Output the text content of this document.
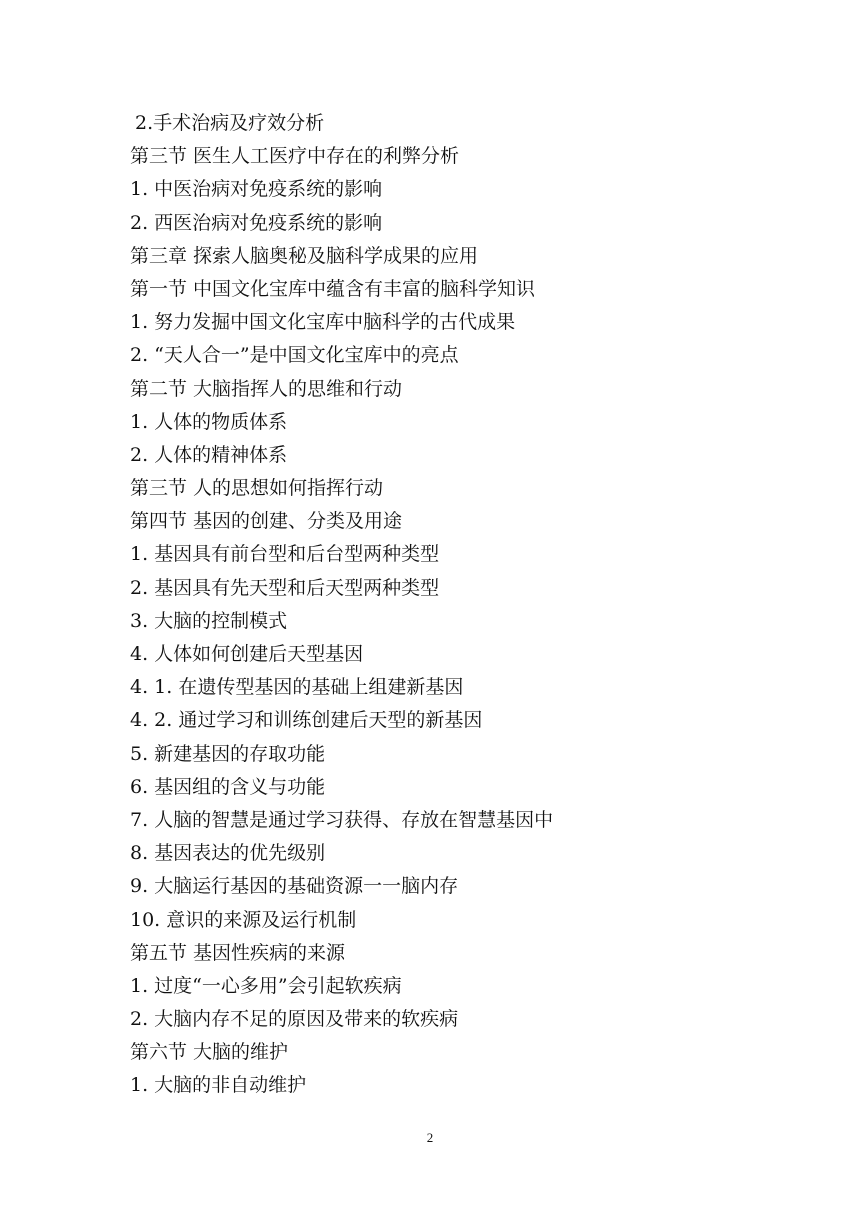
2.手术治病及疗效分析
第三节 医生人工医疗中存在的利弊分析
1. 中医治病对免疫系统的影响
2. 西医治病对免疫系统的影响
第三章 探索人脑奥秘及脑科学成果的应用
第一节 中国文化宝库中蕴含有丰富的脑科学知识
1. 努力发掘中国文化宝库中脑科学的古代成果
2. “天人合一”是中国文化宝库中的亮点
第二节 大脑指挥人的思维和行动
1. 人体的物质体系
2. 人体的精神体系
第三节 人的思想如何指挥行动
第四节 基因的创建、分类及用途
1. 基因具有前台型和后台型两种类型
2. 基因具有先天型和后天型两种类型
3. 大脑的控制模式
4. 人体如何创建后天型基因
4. 1. 在遗传型基因的基础上组建新基因
4. 2. 通过学习和训练创建后天型的新基因
5. 新建基因的存取功能
6. 基因组的含义与功能
7. 人脑的智慧是通过学习获得、存放在智慧基因中
8. 基因表达的优先级别
9. 大脑运行基因的基础资源一一脑内存
10. 意识的来源及运行机制
第五节 基因性疾病的来源
1. 过度“一心多用”会引起软疾病
2. 大脑内存不足的原因及带来的软疾病
第六节 大脑的维护
1. 大脑的非自动维护
2
